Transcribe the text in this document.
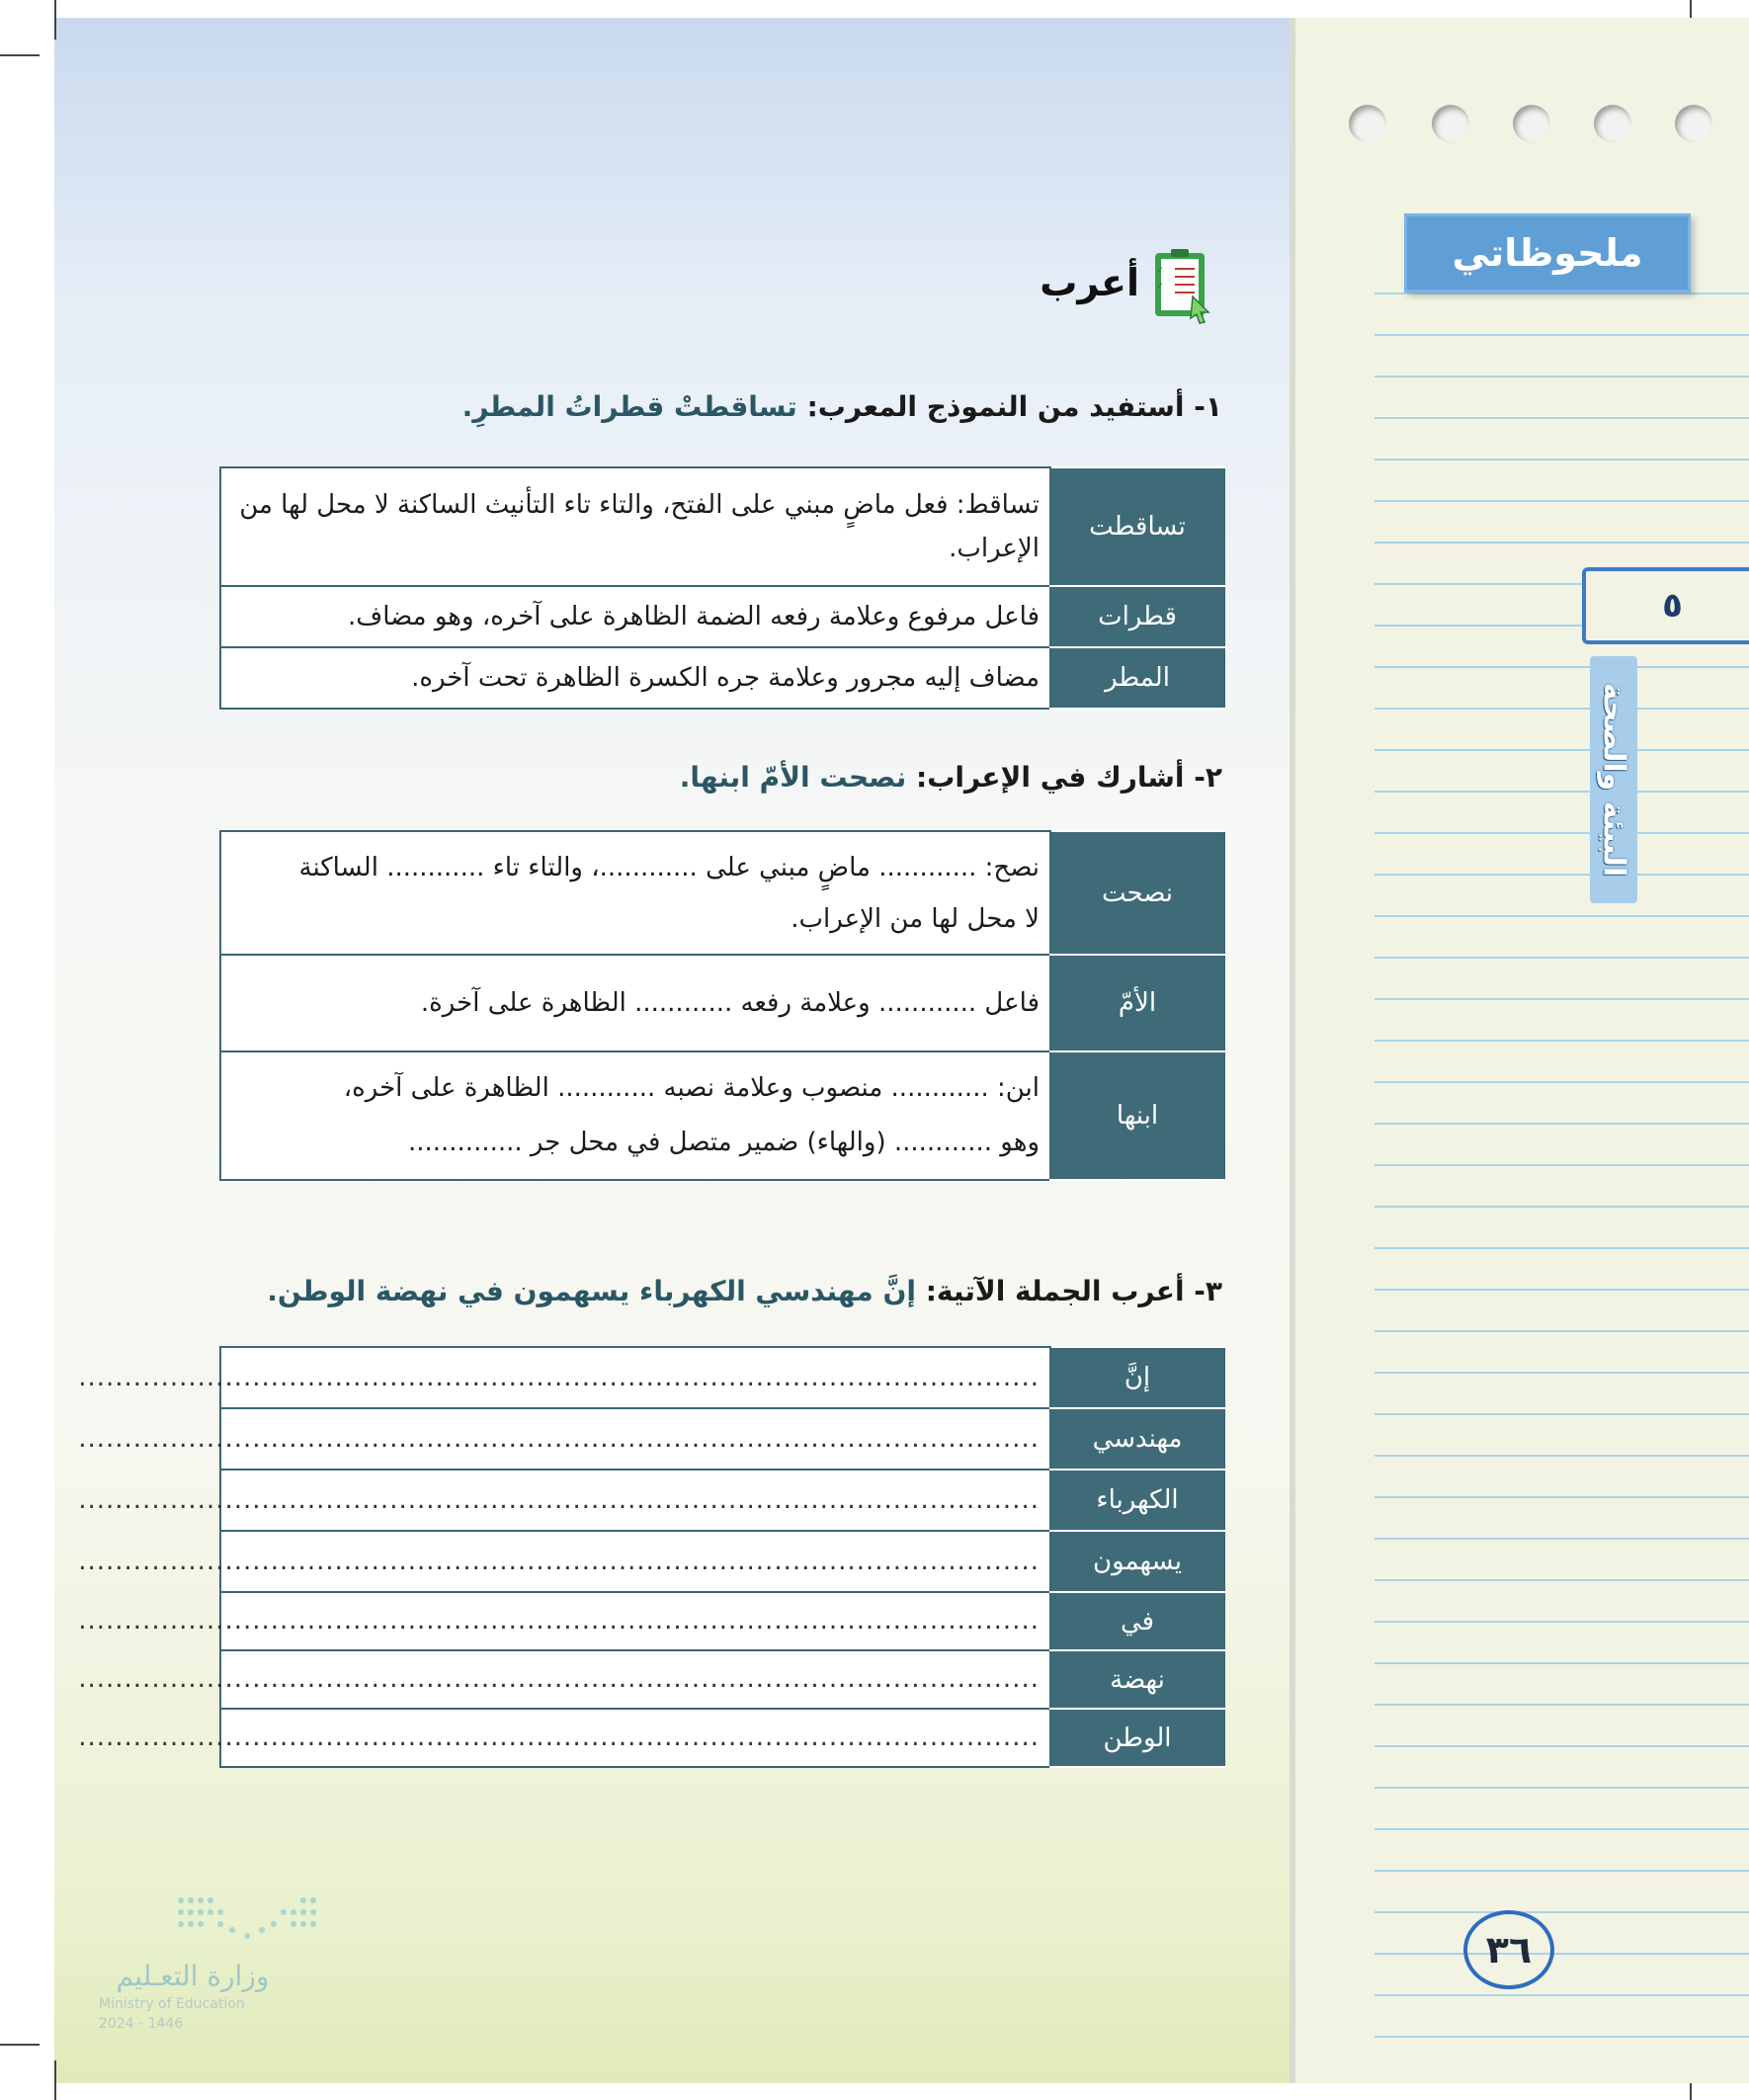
ملحوظاتي
٥
البيئة والصحة
٣٦
✓
✓
أعرب
١- أستفيد من النموذج المعرب: تساقطتْ قطراتُ المطرِ.
تساقطت	تساقط: فعل ماضٍ مبني على الفتح، والتاء تاء التأنيث الساكنة لا محل لها من الإعراب.
قطرات	فاعل مرفوع وعلامة رفعه الضمة الظاهرة على آخره، وهو مضاف.
المطر	مضاف إليه مجرور وعلامة جره الكسرة الظاهرة تحت آخره.
٢- أشارك في الإعراب: نصحت الأمّ ابنها.
نصحت	نصح: ............ ماضٍ مبني على ............، والتاء تاء ............ الساكنة
لا محل لها من الإعراب.

الأمّ	فاعل ............ وعلامة رفعه ............ الظاهرة على آخرة.

ابنها	ابن: ............ منصوب وعلامة نصبه ............ الظاهرة على آخره،
وهو ............ (والهاء) ضمير متصل في محل جر ..............
٣- أعرب الجملة الآتية: إنَّ مهندسي الكهرباء يسهمون في نهضة الوطن.
إنَّ	.........................................................................................................
مهندسي	.........................................................................................................
الكهرباء	.........................................................................................................
يسهمون	.........................................................................................................
في	.........................................................................................................
نهضة	.........................................................................................................
الوطن	.........................................................................................................
وزارة التعـليم
Ministry of Education
2024 - 1446
